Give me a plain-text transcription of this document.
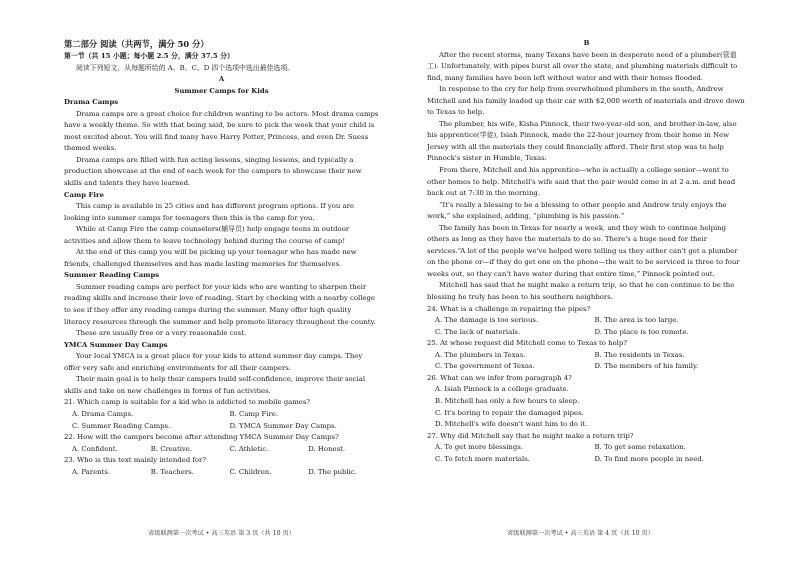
第二部分 阅读（共两节，满分 50 分）

第一节（共 15 小题；每小题 2.5 分，满分 37.5 分）

阅读下列短文，从每题所给的 A、B、C、D 四个选项中选出最佳选项。

A

Summer Camps for Kids

Drama Camps

Drama camps are a great choice for children wanting to be actors. Most drama camps have a weekly theme. So with that being said, be sure to pick the week that your child is most excited about. You will find many have Harry Potter, Princess, and even Dr. Suess themed weeks.

Drama camps are filled with fun acting lessons, singing lessons, and typically a production showcase at the end of each week for the campers to showcase their new skills and talents they have learned.

Camp Fire

This camp is available in 25 cities and has different program options. If you are looking into summer camps for teenagers then this is the camp for you.

While at Camp Fire the camp counselors(辅导员) help engage teens in outdoor activities and allow them to leave technology behind during the course of camp!

At the end of this camp you will be picking up your teenager who has made new friends, challenged themselves and has made lasting memories for themselves.

Summer Reading Camps

Summer reading camps are perfect for your kids who are wanting to sharpen their reading skills and increase their love of reading. Start by checking with a nearby college to see if they offer any reading camps during the summer. Many offer high quality literacy resources through the summer and help promote literacy throughout the county.

These are usually free or a very reasonable cost.

YMCA Summer Day Camps

Your local YMCA is a great place for your kids to attend summer day camps. They offer very safe and enriching environments for all their campers.

Their main goal is to help their campers build self-confidence, improve their social skills and take on new challenges in forms of fun activities.

21. Which camp is suitable for a kid who is addicted to mobile games?

A. Drama Camps.	B. Camp Fire.
C. Summer Reading Camps.	D. YMCA Summer Day Camps.

22. How will the campers become after attending YMCA Summer Day Camps?

A. Confident.	B. Creative.	C. Athletic.	D. Honest.

23. Who is this text mainly intended for?

A. Parents.	B. Teachers.	C. Children.	D. The public.
省级联测第一次考试 • 高三英语 第 3 页（共 10 页）

B

After the recent storms, many Texans have been in desperate need of a plumber(管道工). Unfortunately, with pipes burst all over the state, and plumbing materials difficult to find, many families have been left without water and with their homes flooded.

In response to the cry for help from overwhelmed plumbers in the south, Andrew Mitchell and his family loaded up their car with $2,000 worth of materials and drove down to Texas to help.

The plumber, his wife, Kisha Pinnock, their two-year-old son, and brother-in-law, also his apprentice(学徒), Isiah Pinnock, made the 22-hour journey from their home in New Jersey with all the materials they could financially afford. Their first stop was to help Pinnock's sister in Humble, Texas.

From there, Mitchell and his apprentice—who is actually a college senior—went to other homes to help. Mitchell's wife said that the pair would come in at 2 a.m. and head back out at 7:30 in the morning.

“It's really a blessing to be a blessing to other people and Andrew truly enjoys the work,” she explained, adding, “plumbing is his passion.”

The family has been in Texas for nearly a week, and they wish to continue helping others as long as they have the materials to do so. There's a huge need for their services.“A lot of the people we've helped were telling us they either can't get a plumber on the phone or—if they do get one on the phone—the wait to be serviced is three to four weeks out, so they can't have water during that entire time,” Pinnock pointed out.

Mitchell has said that he might make a return trip, so that he can continue to be the blessing he truly has been to his southern neighbors.

24. What is a challenge in repairing the pipes?

A. The damage is too serious.	B. The area is too large.
C. The lack of materials.	D. The place is too remote.

25. At whose request did Mitchell come to Texas to help?

A. The plumbers in Texas.	B. The residents in Texas.
C. The government of Texas.	D. The members of his family.

26. What can we infer from paragraph 4?

A. Isiah Pinnock is a college graduate.
B. Mitchell has only a few hours to sleep.
C. It's boring to repair the damaged pipes.
D. Mitchell's wife doesn't want him to do it.

27. Why did Mitchell say that he might make a return trip?

A. To get more blessings.	B. To get some relaxation.
C. To fetch more materials.	D. To find more people in need.
省级联测第一次考试 • 高三英语 第 4 页（共 10 页）
